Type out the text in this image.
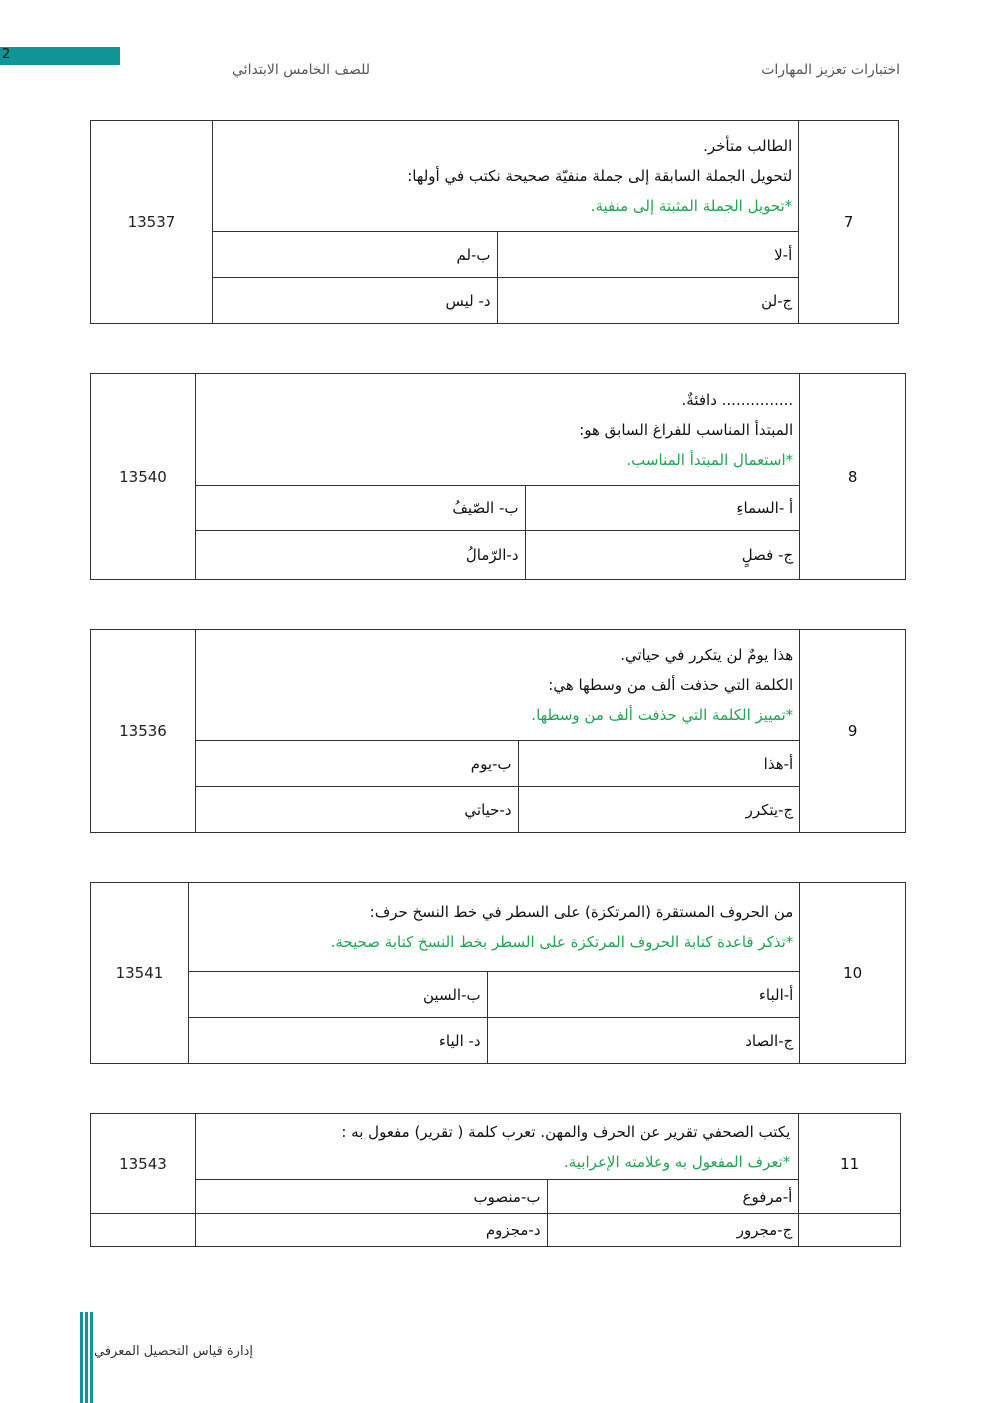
2
اختبارات تعزيز المهارات
للصف الخامس الابتدائي
7	الطالب متأخر.
لتحويل الجملة السابقة إلى جملة منفيّة صحيحة نكتب في أولها:
*تحويل الجملة المثبتة إلى منفية.		13537
	أ-لا	ب-لم	
	ج-لن	د- ليس	
8	............... دافئةٌ.
المبتدأ المناسب للفراغ السابق هو:
*استعمال المبتدأ المناسب.		13540
	أ -السماءِ	ب- الصّيفُ	
	ج- فصلٍ	د-الرّمالُ	
9	هذا يومٌ لن يتكرر في حياتي.
الكلمة التي حذفت ألف من وسطها هي:
*تمييز الكلمة التي حذفت ألف من وسطها.		13536
	أ-هذا	ب-يوم	
	ج-يتكرر	د-حياتي	
10	من الحروف المستقرة (المرتكزة) على السطر في خط النسخ حرف:
*تذكر قاعدة كتابة الحروف المرتكزة على السطر بخط النسخ كتابة صحيحة.		13541
	أ-الباء	ب-السين	
	ج-الصاد	د- الياء	
11	يكتب الصحفي تقرير عن الحرف والمهن. تعرب كلمة ( تقرير) مفعول به :
*تعرف المفعول به وعلامته الإعرابية.		13543
	أ-مرفوع	ب-منصوب	
	ج-مجرور	د-مجزوم	
إدارة قياس التحصيل المعرفي
